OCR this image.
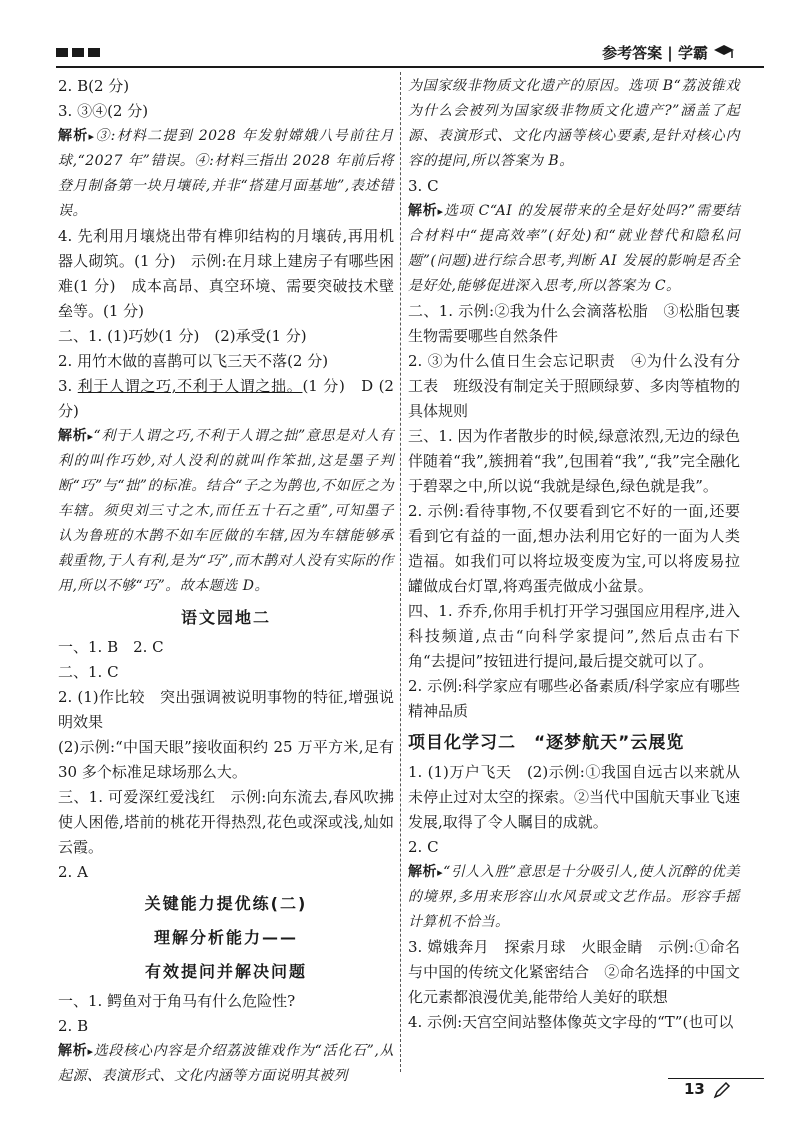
参考答案 | 学霸

2. B(2 分)

3. ③④(2 分)

解析 ▸ ③:材料二提到 2028 年发射嫦娥八号前往月球,“2027 年”错误。④:材料三指出 2028 年前后将登月制备第一块月壤砖,并非“搭建月面基地”,表述错误。

4. 先利用月壤烧出带有榫卯结构的月壤砖,再用机器人砌筑。(1 分)　示例:在月球上建房子有哪些困难(1 分)　成本高昂、真空环境、需要突破技术壁垒等。(1 分)

二、1. (1)巧妙(1 分)　(2)承受(1 分)

2. 用竹木做的喜鹊可以飞三天不落(2 分)

3. 利于人谓之巧,不利于人谓之拙。(1 分)　D (2 分)

解析 ▸ “利于人谓之巧,不利于人谓之拙”意思是对人有利的叫作巧妙,对人没利的就叫作笨拙,这是墨子判断“巧”与“拙”的标准。结合“子之为鹊也,不如匠之为车辖。须臾刘三寸之木,而任五十石之重”,可知墨子认为鲁班的木鹊不如车匠做的车辖,因为车辖能够承载重物,于人有利,是为“巧”,而木鹊对人没有实际的作用,所以不够“巧”。故本题选 D。

语文园地二

一、1. B　2. C

二、1. C

2. (1)作比较　突出强调被说明事物的特征,增强说明效果

(2)示例:“中国天眼”接收面积约 25 万平方米,足有 30 多个标准足球场那么大。

三、1. 可爱深红爱浅红　示例:向东流去,春风吹拂使人困倦,塔前的桃花开得热烈,花色或深或浅,灿如云霞。

2. A

关键能力提优练(二)
理解分析能力——
有效提问并解决问题

一、1. 鳄鱼对于角马有什么危险性?

2. B

解析 ▸ 选段核心内容是介绍荔波锥戏作为“活化石”,从起源、表演形式、文化内涵等方面说明其被列

为国家级非物质文化遗产的原因。选项 B“荔波锥戏为什么会被列为国家级非物质文化遗产?”涵盖了起源、表演形式、文化内涵等核心要素,是针对核心内容的提问,所以答案为 B。

3. C

解析 ▸ 选项 C“AI 的发展带来的全是好处吗?”需要结合材料中“提高效率”(好处)和“就业替代和隐私问题”(问题)进行综合思考,判断 AI 发展的影响是否全是好处,能够促进深入思考,所以答案为 C。

二、1. 示例:②我为什么会滴落松脂　③松脂包裹生物需要哪些自然条件

2. ③为什么值日生会忘记职责　④为什么没有分工表　班级没有制定关于照顾绿萝、多肉等植物的具体规则

三、1. 因为作者散步的时候,绿意浓烈,无边的绿色伴随着“我”,簇拥着“我”,包围着“我”,“我”完全融化于碧翠之中,所以说“我就是绿色,绿色就是我”。

2. 示例:看待事物,不仅要看到它不好的一面,还要看到它有益的一面,想办法利用它好的一面为人类造福。如我们可以将垃圾变废为宝,可以将废易拉罐做成台灯罩,将鸡蛋壳做成小盆景。

四、1. 乔乔,你用手机打开学习强国应用程序,进入科技频道,点击“向科学家提问”,然后点击右下角“去提问”按钮进行提问,最后提交就可以了。

2. 示例:科学家应有哪些必备素质/科学家应有哪些精神品质

项目化学习二　“逐梦航天”云展览

1. (1)万户飞天　(2)示例:①我国自远古以来就从未停止过对太空的探索。②当代中国航天事业飞速发展,取得了令人瞩目的成就。

2. C

解析 ▸ “引人入胜”意思是十分吸引人,使人沉醉的优美的境界,多用来形容山水风景或文艺作品。形容手摇计算机不恰当。

3. 嫦娥奔月　探索月球　火眼金睛　示例:①命名与中国的传统文化紧密结合　②命名选择的中国文化元素都浪漫优美,能带给人美好的联想

4. 示例:天宫空间站整体像英文字母的“T”(也可以

13
